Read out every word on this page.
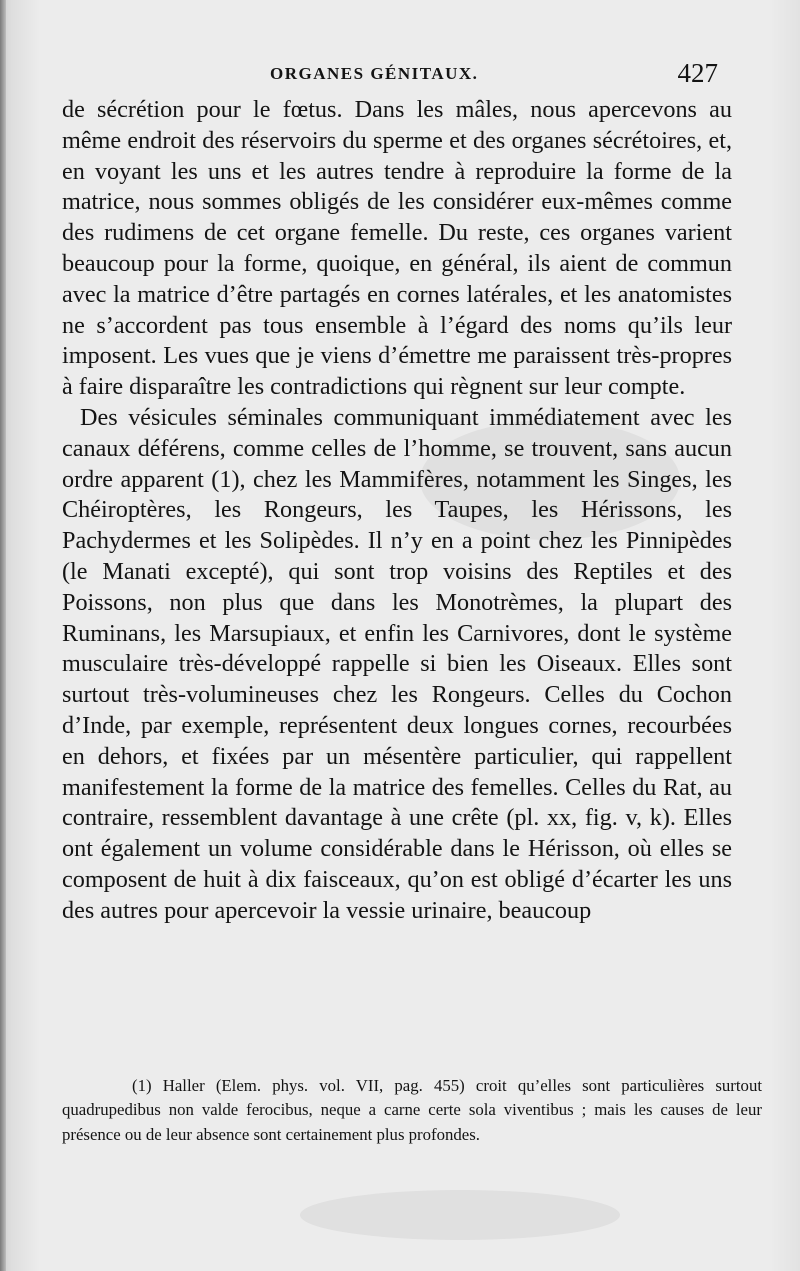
ORGANES GÉNITAUX.	427

de sécrétion pour le fœtus. Dans les mâles, nous apercevons au même endroit des réservoirs du sperme et des organes sécrétoires, et, en voyant les uns et les autres tendre à reproduire la forme de la matrice, nous sommes obligés de les considérer eux-mêmes comme des rudimens de cet organe femelle. Du reste, ces organes varient beaucoup pour la forme, quoique, en général, ils aient de commun avec la matrice d’être partagés en cornes latérales, et les anatomistes ne s’accordent pas tous ensemble à l’égard des noms qu’ils leur imposent. Les vues que je viens d’émettre me paraissent très-propres à faire disparaître les contradictions qui règnent sur leur compte.

Des vésicules séminales communiquant immédiatement avec les canaux déférens, comme celles de l’homme, se trouvent, sans aucun ordre apparent (1), chez les Mammifères, notamment les Singes, les Chéiroptères, les Rongeurs, les Taupes, les Hérissons, les Pachydermes et les Solipèdes. Il n’y en a point chez les Pinnipèdes (le Manati excepté), qui sont trop voisins des Reptiles et des Poissons, non plus que dans les Monotrèmes, la plupart des Ruminans, les Marsupiaux, et enfin les Carnivores, dont le système musculaire très-développé rappelle si bien les Oiseaux. Elles sont surtout très-volumineuses chez les Rongeurs. Celles du Cochon d’Inde, par exemple, représentent deux longues cornes, recourbées en dehors, et fixées par un mésentère particulier, qui rappellent manifestement la forme de la matrice des femelles. Celles du Rat, au contraire, ressemblent davantage à une crête (pl. xx, fig. v, k). Elles ont également un volume considérable dans le Hérisson, où elles se composent de huit à dix faisceaux, qu’on est obligé d’écarter les uns des autres pour apercevoir la vessie urinaire, beaucoup

(1) Haller (Elem. phys. vol. VII, pag. 455) croit qu’elles sont particulières surtout quadrupedibus non valde ferocibus, neque a carne certe sola viventibus ; mais les causes de leur présence ou de leur absence sont certainement plus profondes.
